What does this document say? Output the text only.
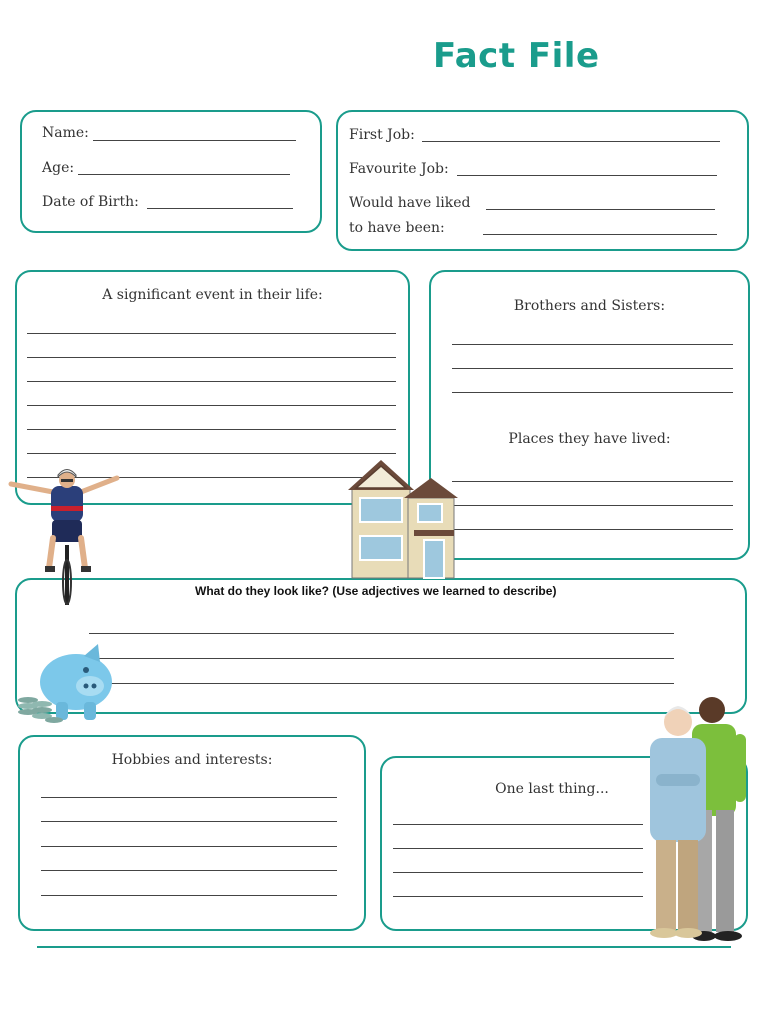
Fact File
Name:
Age:
Date of Birth:
First Job:
Favourite Job:
Would have liked
to have been:
A significant event in their life:
Brothers and Sisters:
Places they have lived:
What do they look like? (Use adjectives we learned to describe)
Hobbies and interests:
One last thing...
